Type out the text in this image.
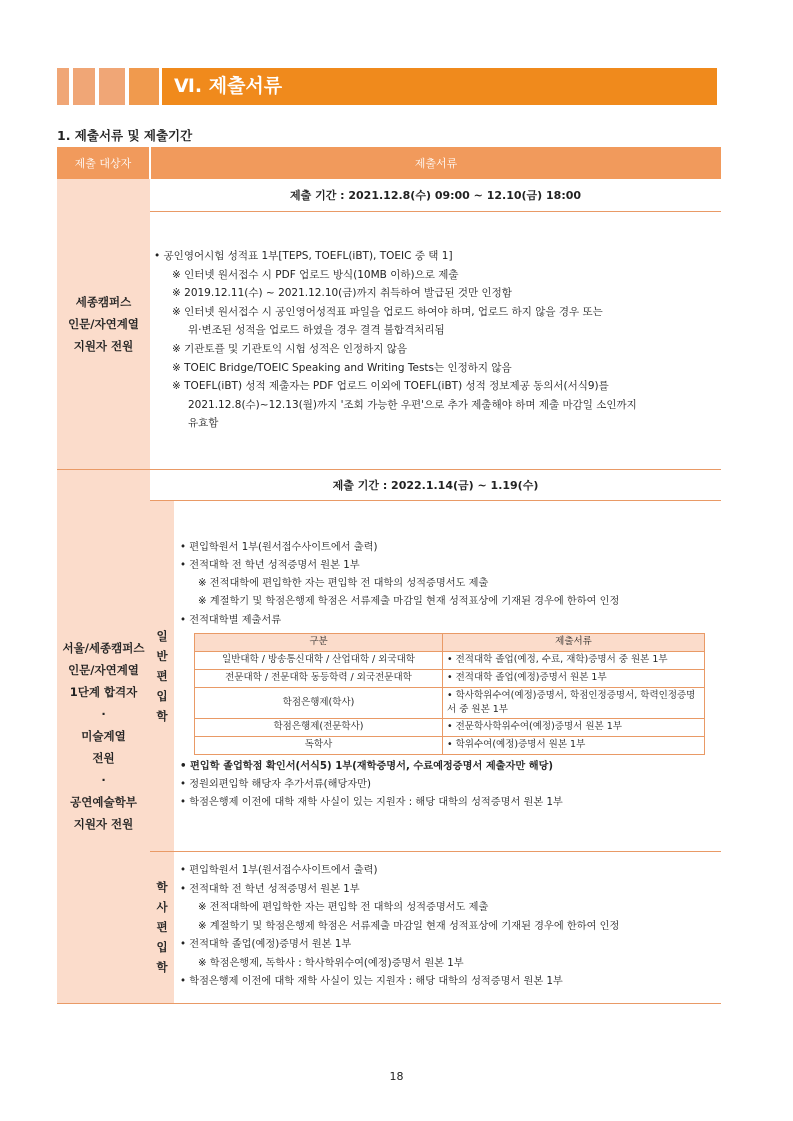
Ⅵ. 제출서류
1. 제출서류 및 제출기간
제출 대상자	제출서류

세종캠퍼스
인문/자연계열
지원자 전원
	제출 기간 : 2021.12.8(수) 09:00 ~ 12.10(금) 18:00

• 공인영어시험 성적표 1부[TEPS, TOEFL(iBT), TOEIC 중 택 1]
※ 인터넷 원서접수 시 PDF 업로드 방식(10MB 이하)으로 제출
※ 2019.12.11(수) ~ 2021.12.10(금)까지 취득하여 발급된 것만 인정함
※ 인터넷 원서접수 시 공인영어성적표 파일을 업로드 하여야 하며, 업로드 하지 않을 경우 또는
위·변조된 성적을 업로드 하였을 경우 결격 불합격처리됨
※ 기관토플 및 기관토익 시험 성적은 인정하지 않음
※ TOEIC Bridge/TOEIC Speaking and Writing Tests는 인정하지 않음
※ TOEFL(iBT) 성적 제출자는 PDF 업로드 이외에 TOEFL(iBT) 성적 정보제공 동의서(서식9)를
2021.12.8(수)~12.13(월)까지 '조회 가능한 우편'으로 추가 제출해야 하며 제출 마감일 소인까지
유효함

서울/세종캠퍼스
인문/자연계열
1단계 합격자
·
미술계열
전원
·
공연예술학부
지원자 전원
	제출 기간 : 2022.1.14(금) ~ 1.19(수)

일
반
편
입
학

• 편입학원서 1부(원서접수사이트에서 출력)
• 전적대학 전 학년 성적증명서 원본 1부
※ 전적대학에 편입학한 자는 편입학 전 대학의 성적증명서도 제출
※ 계절학기 및 학점은행제 학점은 서류제출 마감일 현재 성적표상에 기재된 경우에 한하여 인정
• 전적대학별 제출서류
구분	제출서류
일반대학 / 방송통신대학 / 산업대학 / 외국대학	• 전적대학 졸업(예정, 수료, 재학)증명서 중 원본 1부
전문대학 / 전문대학 동등학력 / 외국전문대학	• 전적대학 졸업(예정)증명서 원본 1부
학점은행제(학사)	• 학사학위수여(예정)증명서, 학점인정증명서, 학력인정증명서 중 원본 1부
학점은행제(전문학사)	• 전문학사학위수여(예정)증명서 원본 1부
독학사	• 학위수여(예정)증명서 원본 1부
• 편입학 졸업학점 확인서(서식5) 1부(재학증명서, 수료예정증명서 제출자만 해당)
• 정원외편입학 해당자 추가서류(해당자만)
• 학점은행제 이전에 대학 재학 사실이 있는 지원자 : 해당 대학의 성적증명서 원본 1부

학
사
편
입
학

• 편입학원서 1부(원서접수사이트에서 출력)
• 전적대학 전 학년 성적증명서 원본 1부
※ 전적대학에 편입학한 자는 편입학 전 대학의 성적증명서도 제출
※ 계절학기 및 학점은행제 학점은 서류제출 마감일 현재 성적표상에 기재된 경우에 한하여 인정
• 전적대학 졸업(예정)증명서 원본 1부
※ 학점은행제, 독학사 : 학사학위수여(예정)증명서 원본 1부
• 학점은행제 이전에 대학 재학 사실이 있는 지원자 : 해당 대학의 성적증명서 원본 1부
18
